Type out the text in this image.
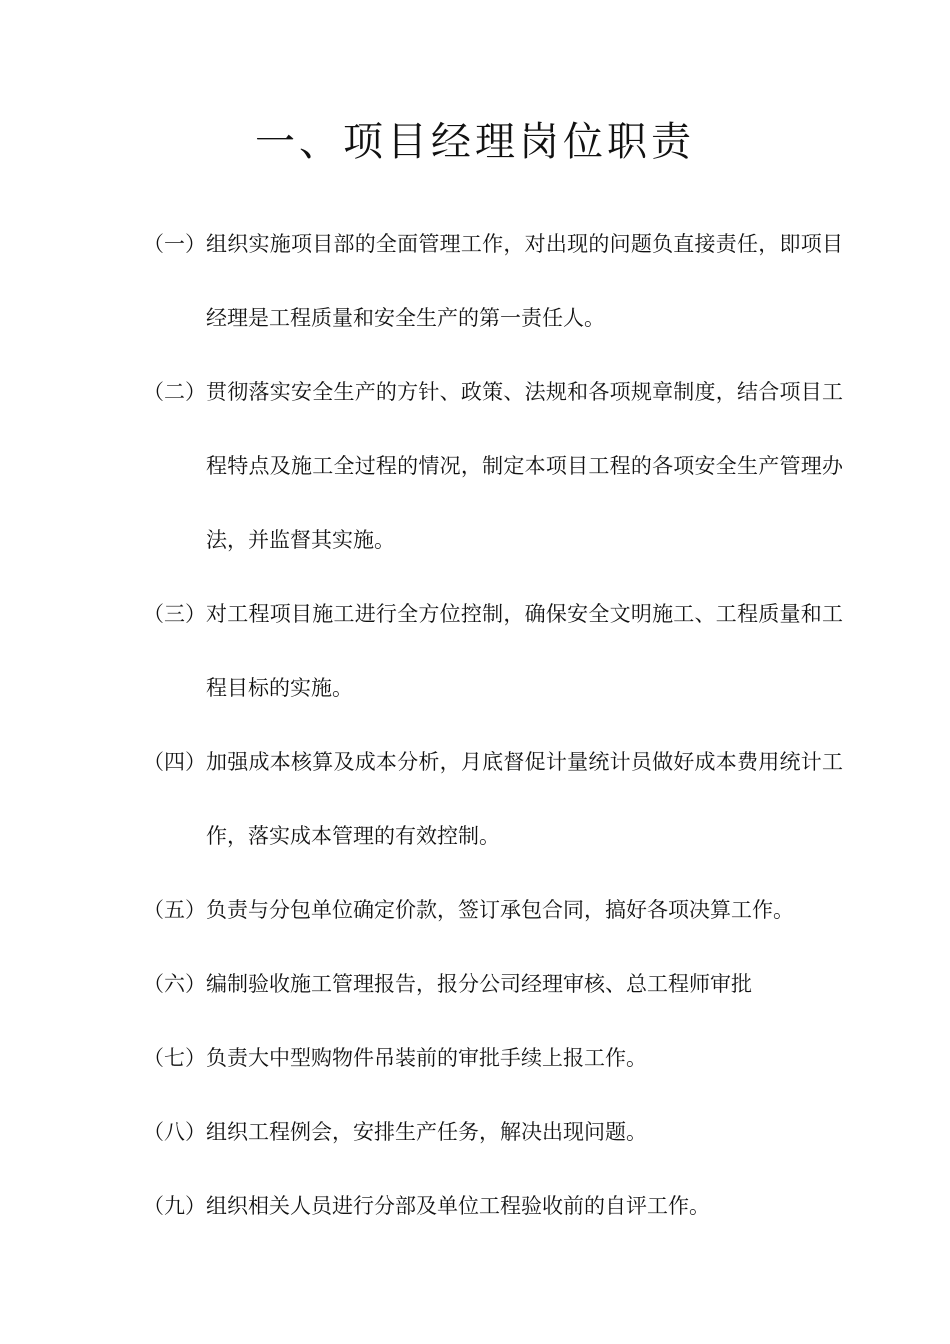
一、项目经理岗位职责
（一） 组织实施项目部的全面管理工作，对出现的问题负直接责任，即项目经理是工程质量和安全生产的第一责任人。
（二） 贯彻落实安全生产的方针、政策、法规和各项规章制度，结合项目工程特点及施工全过程的情况，制定本项目工程的各项安全生产管理办法，并监督其实施。
（三） 对工程项目施工进行全方位控制，确保安全文明施工、工程质量和工程目标的实施。
（四） 加强成本核算及成本分析，月底督促计量统计员做好成本费用统计工作，落实成本管理的有效控制。
（五） 负责与分包单位确定价款，签订承包合同，搞好各项决算工作。
（六） 编制验收施工管理报告，报分公司经理审核、总工程师审批
（七） 负责大中型购物件吊装前的审批手续上报工作。
（八） 组织工程例会，安排生产任务，解决出现问题。
（九） 组织相关人员进行分部及单位工程验收前的自评工作。
